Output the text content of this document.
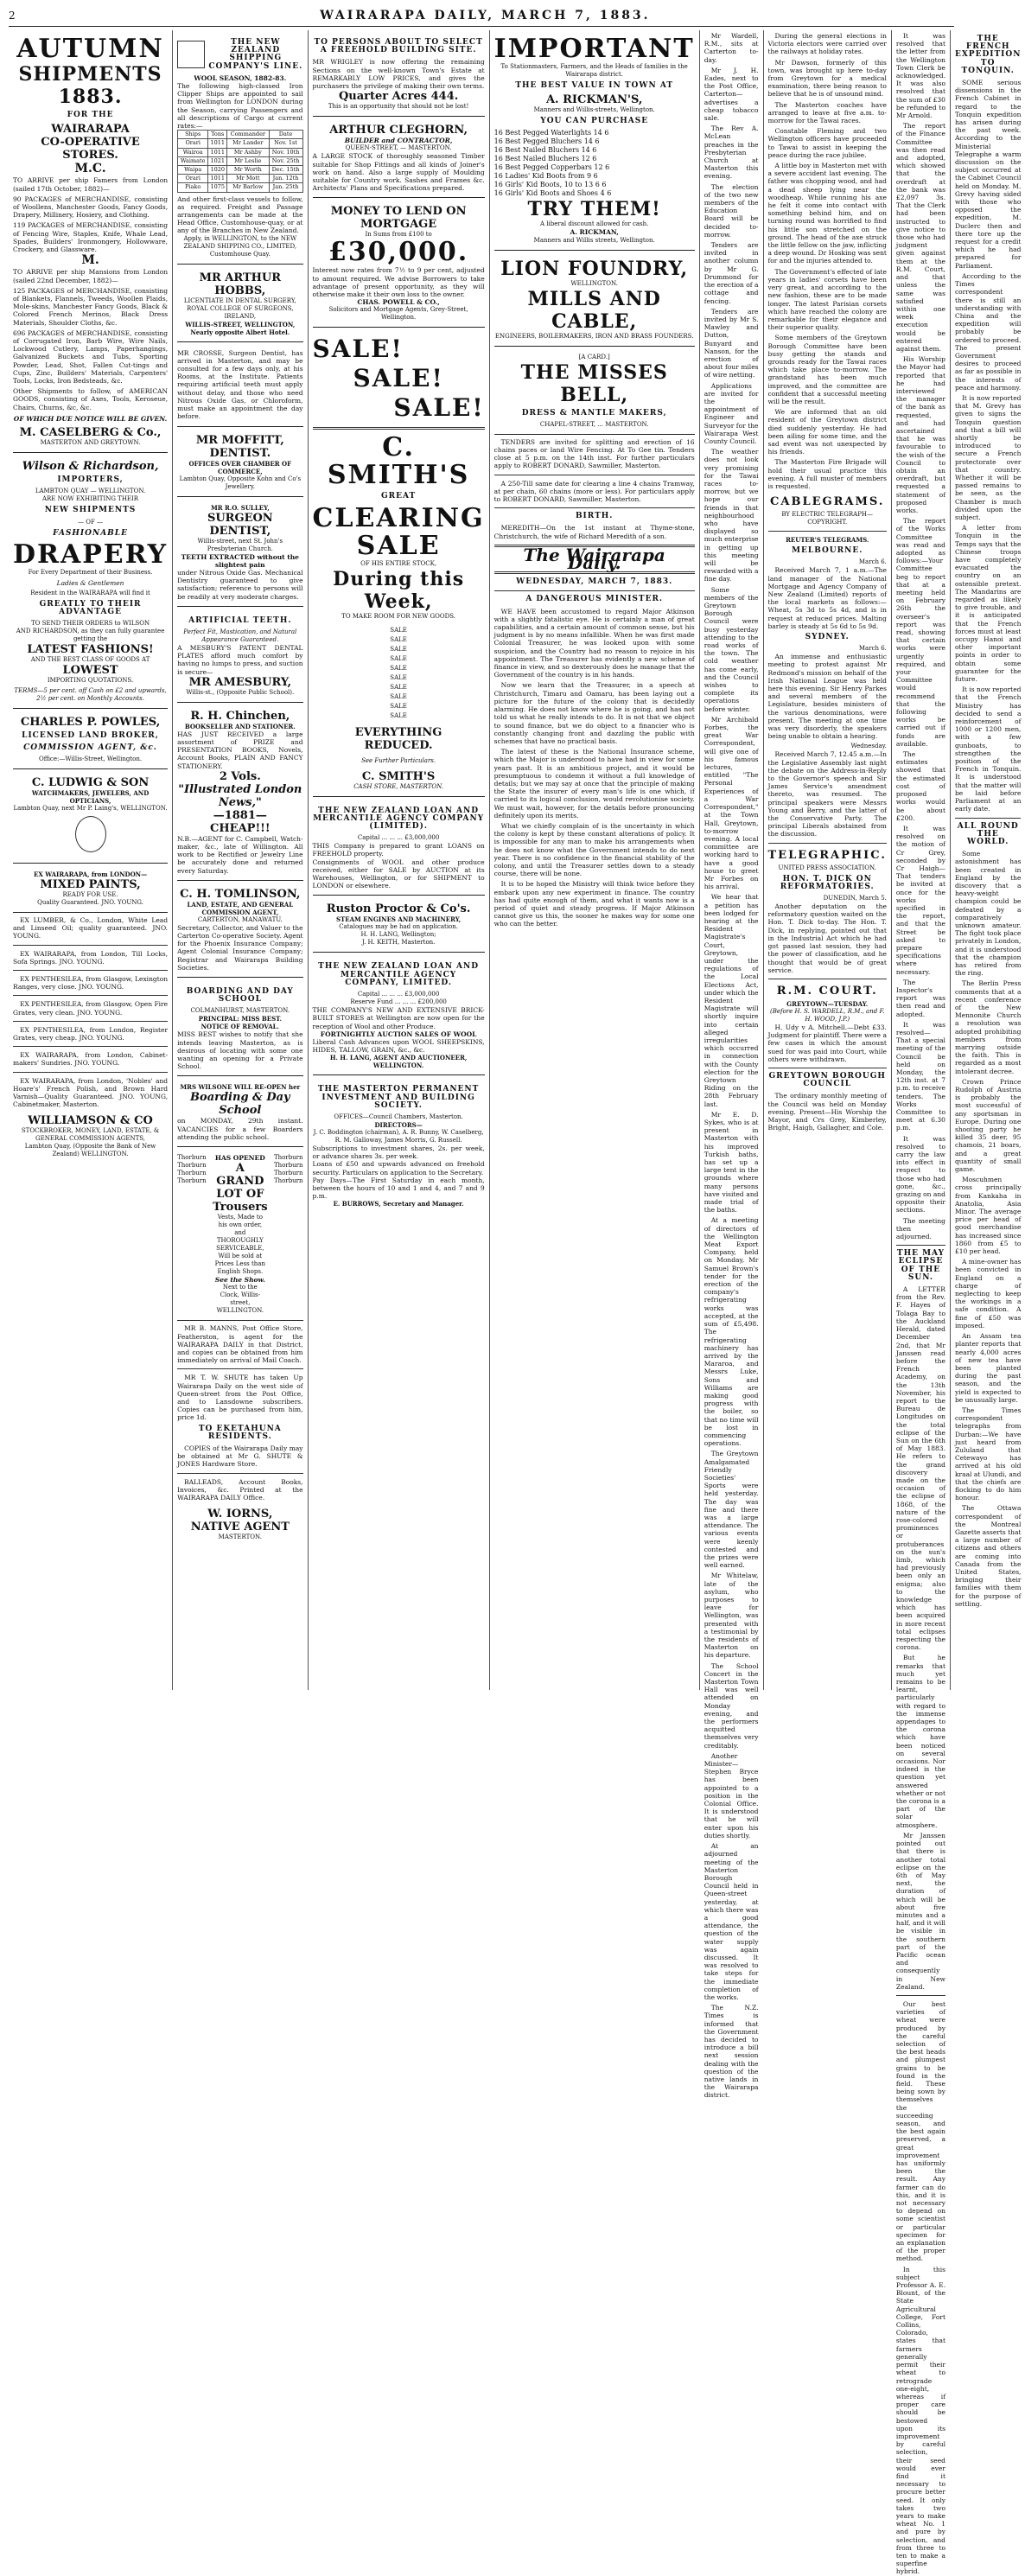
2	WAIRARAPA DAILY, MARCH 7, 1883.
AUTUMN
SHIPMENTS
1883.
FOR THE
WAIRARAPA
CO-OPERATIVE
STORES.
M.C.
TO ARRIVE per ship Famers from London (sailed 17th October, 1882)—
90 PACKAGES of MERCHANDISE, consisting of Woollens, Manchester Goods, Fancy Goods, Drapery, Millinery, Hosiery, and Clothing.
119 PACKAGES of MERCHANDISE, consisting of Fencing Wire, Staples, Knife, Whale Lead, Spades, Builders' Ironmongery, Hollowware, Crockery, and Glassware.
M.
TO ARRIVE per ship Mansions from London (sailed 22nd December, 1882)—
125 PACKAGES of MERCHANDISE, consisting of Blankets, Flannels, Tweeds, Woollen Plaids, Mole-skins, Manchester Fancy Goods, Black & Colored French Merinos, Black Dress Materials, Shoulder Cloths, &c.
696 PACKAGES of MERCHANDISE, consisting of Corrugated Iron, Barb Wire, Wire Nails, Lockwood Cutlery, Lamps, Paperhangings, Galvanized Buckets and Tubs, Sporting Powder, Lead, Shot, Fallen Cut-tings and Cups, Zinc, Builders' Materials, Carpenters' Tools, Locks, Iron Bedsteads, &c.
Other Shipments to follow, of AMERICAN GOODS, consisting of Axes, Tools, Keroseue, Chairs, Churns, &c, &c.
OF WHICH DUE NOTICE WILL BE GIVEN.
M. CASELBERG & Co.,
MASTERTON AND GREYTOWN.
Wilson & Richardson,
IMPORTERS,
LAMBTON QUAY — WELLINGTON.
ARE NOW EXHIBITING THEIR
NEW SHIPMENTS
— OF —
FASHIONABLE
DRAPERY
For Every Department of their Business.
Ladies & Gentlemen
Resident in the WAIRARAPA will find it
GREATLY TO THEIR ADVANTAGE
TO SEND THEIR ORDERS to WILSON
AND RICHARDSON, as they can fully guarantee
getting the
LATEST FASHIONS!
AND THE BEST CLASS OF GOODS AT
LOWEST
IMPORTING QUOTATIONS.
TERMS—5 per cent. off Cash on £2 and upwards, 2½ per cent. on Monthly Accounts.
CHARLES P. POWLES,
LICENSED LAND BROKER,
COMMISSION AGENT, &c.
Office:—Willis-Street, Wellington.
C. LUDWIG & SON
WATCHMAKERS, JEWELERS, AND OPTICIANS,
Lambton Quay, next Mr P. Laing's, WELLINGTON.
EX WAIRARAPA, from LONDON—
MIXED PAINTS,
READY FOR USE.
Quality Guaranteed. JNO. YOUNG.

EX LUMBER, & Co., London, White Lead and Linseed Oil; quality guaranteed. JNO. YOUNG.

EX WAIRARAPA, from London, Till Locks, Sofa Springs. JNO. YOUNG.

EX PENTHESILEA, from Glasgow, Lexington Ranges, very close. JNO. YOUNG.

EX PENTHESILEA, from Glasgow, Open Fire Grates, very clean. JNO. YOUNG.

EX PENTHESILEA, from London, Register Grates, very cheap. JNO. YOUNG.

EX WAIRARAPA, from London, Cabinet-makers' Sundries. JNO. YOUNG.

EX WAIRARAPA, from London, 'Nobles' and Hoare's' French Polish, and Brown Hard Varnish—Quality Guaranteed. JNO. YOUNG, Cabinetmaker, Masterton.

WILLIAMSON & CO
STOCKBROKER, MONEY, LAND, ESTATE, & GENERAL COMMISSION AGENTS,
Lambton Quay, (Opposite the Bank of New Zealand) WELLINGTON.
THE NEW ZEALAND SHIPPING COMPANY'S LINE.
WOOL SEASON, 1882-83.
The following high-classed Iron Clipper Ships are appointed to sail from Wellington for LONDON during the Season, carrying Passengers and all descriptions of Cargo at current rates:—
Ships	Tons	Commander	Date
Orari	1011	Mr Lander	Nov. 1st
Wairoa	1011	Mr Ashby	Nov. 10th
Waimate	1021	Mr Leslie	Nov. 25th
Waipa	1020	Mr Worth	Dec. 15th
Orari	1011	Mr Mott	Jan. 12th
Piako	1075	Mr Barlow	Jan. 25th
And other first-class vessels to follow, as required. Freight and Passage arrangements can be made at the Head Office, Customhouse-quay, or at any of the Branches in New Zealand.
Apply, in WELLINGTON, to the NEW ZEALAND SHIPPING CO., LIMITED, Customhouse Quay.
MR ARTHUR HOBBS,
LICENTIATE IN DENTAL SURGERY, ROYAL COLLEGE OF SURGEONS, IRELAND,
WILLIS-STREET, WELLINGTON, Nearly opposite Albert Hotel.
MR CROSSE, Surgeon Dentist, has arrived in Masterton, and may be consulted for a few days only, at his Rooms, at the Institute. Patients requiring artificial teeth must apply without delay, and those who need Nitrous Oxide Gas, or Chloroform, must make an appointment the day before.
MR MOFFITT, DENTIST.
OFFICES OVER CHAMBER OF COMMERCE,
Lambton Quay, Opposite Kohn and Co's Jewellery.
MR R.O. SULLEY,
SURGEON DENTIST,
Willis-street, next St. John's Presbyterian Church.
TEETH EXTRACTED without the slightest pain
under Nitrous Oxide Gas. Mechanical Dentistry guaranteed to give satisfaction; reference to persons will be readily at very moderate charges.
ARTIFICIAL TEETH.
Perfect Fit, Mastication, and Natural Appearance Guaranteed.
A MESBURY'S PATENT DENTAL PLATES afford much comfort by having no lumps to press, and suction is secure—
MR AMESBURY,
Willis-st., (Opposite Public School).
R. H. Chinchen,
BOOKSELLER AND STATIONER.
HAS JUST RECEIVED a large assortment of PRIZE and PRESENTATION BOOKS, Novels, Account Books, PLAIN AND FANCY STATIONERY.
2 Vols.
"Illustrated London News,"
—1881—
CHEAP!!!
N.B.—AGENT for C. Campbell, Watch-maker, &c., late of Willington. All work to be Rectified or Jewelry Line be accurately done and returned every Saturday.
C. H. TOMLINSON,
LAND, ESTATE, AND GENERAL COMMISSION AGENT,
CARTERTON, MANAWATU.
Secretary, Collector, and Valuer to the Carterton Co-operative Society. Agent for the Phoenix Insurance Company; Agent Colonial Insurance Company; Registrar and Wairarapa Building Societies.
BOARDING AND DAY SCHOOL
COLMANHURST, MASTERTON.
PRINCIPAL: MISS BEST.
NOTICE OF REMOVAL.
MISS BEST wishes to notify that she intends leaving Masterton, as is desirous of locating with some one wanting an opening for a Private School.
MRS WILSONE WILL RE-OPEN her
Boarding & Day School
on MONDAY, 29th instant. VACANCIES for a few Boarders attending the public school.
Thorburn
Thorburn
Thorburn
Thorburn
HAS OPENED
A GRAND LOT OF Trousers
Vests, Made to his own order, and THOROUGHLY SERVICEABLE, Will be sold at Prices Less than English Shops.
See the Show.
Next to the Clock, Willis-street, WELLINGTON.
Thorburn
Thorburn
Thorburn
Thorburn

MR B. MANNS, Post Office Store, Featherston, is agent for the WAIRARAPA DAILY in that District, and copies can be obtained from him immediately on arrival of Mail Coach.

MR T. W. SHUTE has taken Up Wairarapa Daily on the west side of Queen-street from the Post Office, and to Lansdowne subscribers. Copies can be purchased from him, price 1d.

TO EKETAHUNA RESIDENTS.

COPIES of the Wairarapa Daily may be obtained at Mr G. SHUTE & JONES Hardware Store.

BALLEADS, Account Books, Invoices, &c. Printed at the WAIRARAPA DAILY Office.

W. IORNS,
NATIVE AGENT
MASTERTON.
TO PERSONS ABOUT TO SELECT A FREEHOLD BUILDING SITE.
MR WRIGLEY is now offering the remaining Sections on the well-known Town's Estate at REMARKABLY LOW PRICES, and gives the purchasers the privilege of making their own terms.
Quarter Acres 444.
This is an opportunity that should not be lost!
ARTHUR CLEGHORN,
BUILDER and CONTRACTOR,
QUEEN-STREET, — MASTERTON.
A LARGE STOCK of thoroughly seasoned Timber suitable for Shop Fittings and all kinds of Joiner's work on hand. Also a large supply of Moulding suitable for Country work. Sashes and Frames &c. Architects' Plans and Specifications prepared.
MONEY TO LEND ON MORTGAGE
In Sums from £100 to
£30,000.
Interest now rates from 7½ to 9 per cent, adjusted to amount required. We advise Borrowers to take advantage of present opportunity, as they will otherwise make it their own loss to the owner.
CHAS. POWELL & CO.,
Solicitors and Mortgage Agents, Grey-Street, Wellington.
SALE!
SALE!
SALE!
C. SMITH'S
GREAT
CLEARING
SALE
OF HIS ENTIRE STOCK,
During this Week,
TO MAKE ROOM FOR NEW GOODS.
SALE
SALE
SALE
SALE
SALE
SALE
SALE
SALE
SALE
SALE
EVERYTHING
REDUCED.
See Further Particulars.
C. SMITH'S
CASH STORE, MASTERTON.
THE NEW ZEALAND LOAN AND MERCANTILE AGENCY COMPANY (LIMITED).
Capital ... ... ... £3,000,000
THIS Company is prepared to grant LOANS on FREEHOLD property.
Consignments of WOOL and other produce received, either for SALE by AUCTION at its Warehouses, Wellington, or for SHIPMENT to LONDON or elsewhere.
Ruston Proctor & Co's.
STEAM ENGINES AND MACHINERY,
Catalogues may be had on application.
H. H. LANG, Wellington;
J. H. KEITH, Masterton.
THE NEW ZEALAND LOAN AND MERCANTILE AGENCY COMPANY, LIMITED.
Capital ... ... ... £3,000,000
Reserve Fund ... ... ... £200,000
THE COMPANY'S NEW AND EXTENSIVE BRICK-BUILT STORES at Wellington are now open for the reception of Wool and other Produce.
FORTNIGHTLY AUCTION SALES OF WOOL
Liberal Cash Advances upon WOOL SHEEPSKINS, HIDES, TALLOW, GRAIN, &c., &c.
H. H. LANG, AGENT AND AUCTIONEER, WELLINGTON.
THE MASTERTON PERMANENT INVESTMENT AND BUILDING SOCIETY.
OFFICES—Council Chambers, Masterton.
DIRECTORS—
J. C. Boddington (chairman), A. R. Bunny, W. Caselberg, R. M. Galloway, James Morris, G. Russell.
Subscriptions to investment shares, 2s. per week, or advance shares 3s. per week.
Loans of £50 and upwards advanced on freehold security. Particulars on application to the Secretary.
Pay Days—The First Saturday in each month, between the hours of 10 and 1 and 4, and 7 and 9 p.m.
E. BURROWS, Secretary and Manager.
IMPORTANT
To Stationmasters, Farmers, and the Heads of families in the Wairarapa district.
THE BEST VALUE IN TOWN AT
A. RICKMAN'S,
Manners and Willis-streets, Wellington.
YOU CAN PURCHASE
16 Best Pegged Waterlights 14 6
16 Best Pegged Bluchers 14 6
16 Best Nailed Bluchers 14 6
16 Best Nailed Bluchers 12 6
16 Best Pegged Copperbars 12 6
16 Ladies' Kid Boots from 9 6
16 Girls' Kid Boots, 10 to 13 6 6
16 Girls' Kid Boots and Shoes 4 6
TRY THEM!
A liberal discount allowed for cash.
A. RICKMAN,
Manners and Willis streets, Wellington.
LION FOUNDRY,
WELLINGTON.
MILLS AND CABLE,
ENGINEERS, BOILERMAKERS, IRON AND BRASS FOUNDERS.
[A CARD.]
THE MISSES BELL,
DRESS & MANTLE MAKERS,
CHAPEL-STREET, ... MASTERTON.

TENDERS are invited for splitting and erection of 16 chains paces or land Wire Fencing. At To Gee tin. Tenders close at 5 p.m. on the 14th inst. For further particulars apply to ROBERT DONARD, Sawmiller, Masterton.

A 250-Till same date for clearing a line 4 chains Tramway, at per chain, 60 chains (more or less). For particulars apply to ROBERT DONARD, Sawmiller, Masterton.

BIRTH.

MEREDITH—On the 1st instant at Thyme-stone, Christchurch, the wife of Richard Meredith of a son.

The Wairarapa Daily.
WEDNESDAY, MARCH 7, 1883.
A DANGEROUS MINISTER.

WE HAVE been accustomed to regard Major Atkinson with a slightly fatalistic eye. He is certainly a man of great capabilities, and a certain amount of common sense, but his judgment is by no means infallible. When he was first made Colonial Treasurer, he was looked upon with some suspicion, and the Country had no reason to rejoice in his appointment. The Treasurer has evidently a new scheme of finance in view, and so dexterously does he manage that the Government of the country is in his hands.

Now we learn that the Treasurer, in a speech at Christchurch, Timaru and Oamaru, has been laying out a picture for the future of the colony that is decidedly alarming. He does not know where he is going, and has not told us what he really intends to do. It is not that we object to sound finance, but we do object to a financier who is constantly changing front and dazzling the public with schemes that have no practical basis.

The latest of these is the National Insurance scheme, which the Major is understood to have had in view for some years past. It is an ambitious project, and it would be presumptuous to condemn it without a full knowledge of details; but we may say at once that the principle of making the State the insurer of every man's life is one which, if carried to its logical conclusion, would revolutionise society. We must wait, however, for the details before pronouncing definitely upon its merits.

What we chiefly complain of is the uncertainty in which the colony is kept by these constant alterations of policy. It is impossible for any man to make his arrangements when he does not know what the Government intends to do next year. There is no confidence in the financial stability of the colony, and until the Treasurer settles down to a steady course, there will be none.

It is to be hoped the Ministry will think twice before they embark upon any new experiment in finance. The country has had quite enough of them, and what it wants now is a period of quiet and steady progress. If Major Atkinson cannot give us this, the sooner he makes way for some one who can the better.

Mr Wardell, R.M., sits at Carterton to-day.

Mr J. H. Eades, next to the Post Office, Carterton—advertises a cheap tobacco sale.

The Rev A. McLean preaches in the Presbyterian Church at Masterton this evening.

The election of the two new members of the Education Board will be decided to-morrow.

Tenders are invited in another column by Mr G. Drummond for the erection of a cottage and fencing.

Tenders are invited by Mr S. Mawley and Dutton, Bunyard and Nanson, for the erection of about four miles of wire netting.

Applications are invited for the appointment of Engineer and Surveyor for the Wairarapa West County Council.

The weather does not look very promising for the Tawai races to-morrow, but we hope our friends in that neighbourhood who have displayed so much enterprise in getting up this meeting will be rewarded with a fine day.

Some members of the Greytown Borough Council were busy yesterday attending to the road works of the town. The cold weather has come early, and the Council wishes to complete its operations before winter.

Mr Archibald Forbes, the great War Correspondent, will give one of his famous lectures, entitled "The Personal Experiences of a War Correspondent," at the Town Hall, Greytown, to-morrow evening. A local committee are working hard to have a good house to greet Mr Forbes on his arrival.

We hear that a petition has been lodged for hearing at the Resident Magistrate's Court, Greytown, under the regulations of the Local Elections Act, under which the Resident Magistrate will shortly inquire into certain alleged irregularities which occurred in connection with the County election for the Greytown Riding on the 28th February last.

Mr E. D. Sykes, who is at present in Masterton with his improved Turkish baths, has set up a large tent in the grounds where many persons have visited and made trial of the baths.

At a meeting of directors of the Wellington Meat Export Company, held on Monday, Mr Samuel Brown's tender for the erection of the company's refrigerating works was accepted, at the sum of £5,498. The refrigerating machinery has arrived by the Mararoa, and Messrs Luke, Sons and Williams are making good progress with the boiler, so that no time will be lost in commencing operations.

The Greytown Amalgamated Friendly Societies' Sports were held yesterday. The day was fine and there was a large attendance. The various events were keenly contested and the prizes were well earned.

Mr Whitelaw, late of the asylum, who purposes to leave for Wellington, was presented with a testimonial by the residents of Masterton on his departure.

The School Concert in the Masterton Town Hall was well attended on Monday evening, and the performers acquitted themselves very creditably.

Another Minister—Stephen Bryce has been appointed to a position in the Colonial Office. It is understood that he will enter upon his duties shortly.

At an adjourned meeting of the Masterton Borough Council held in Queen-street yesterday, at which there was a good attendance, the question of the water supply was again discussed. It was resolved to take steps for the immediate completion of the works.

The N.Z. Times is informed that the Government has decided to introduce a bill next session dealing with the question of the native lands in the Wairarapa district.

During the general elections in Victoria electors were carried over the railways at holiday rates.

Mr Dawson, formerly of this town, was brought up here to-day from Greytown for a medical examination, there being reason to believe that he is of unsound mind.

The Masterton coaches have arranged to leave at five a.m. to-morrow for the Tawai races.

Constable Fleming and two Wellington officers have proceeded to Tawai to assist in keeping the peace during the race jubilee.

A little boy in Masterton met with a severe accident last evening. The father was chopping wood, and had a dead sheep lying near the woodheap. While running his axe he felt it come into contact with something behind him, and on turning round was horrified to find his little son stretched on the ground. The head of the axe struck the little fellow on the jaw, inflicting a deep wound. Dr Hosking was sent for and the injuries attended to.

The Government's effected of late years in ladies' corsets have been very great, and according to the new fashion, these are to be made longer. The latest Parisian corsets which have reached the colony are remarkable for their elegance and their superior quality.

Some members of the Greytown Borough Committee have been busy getting the stands and grounds ready for the Tawai races which take place to-morrow. The grandstand has been much improved, and the committee are confident that a successful meeting will be the result.

We are informed that an old resident of the Greytown district died suddenly yesterday. He had been ailing for some time, and the sad event was not unexpected by his friends.

The Masterton Fire Brigade will hold their usual practice this evening. A full muster of members is requested.

CABLEGRAMS.
BY ELECTRIC TELEGRAPH—COPYRIGHT.
REUTER'S TELEGRAMS.
MELBOURNE.
March 6.

Received March 7, 1 a.m.—The land manager of the National Mortgage and Agency Company of New Zealand (Limited) reports of the local markets as follows:—Wheat, 5s 3d to 5s 4d, and is in request at reduced prices. Malting barley is steady at 5s 6d to 5s 9d.

SYDNEY.
March 6.

An immense and enthusiastic meeting to protest against Mr Redmond's mission on behalf of the Irish National League was held here this evening. Sir Henry Parkes and several members of the Legislature, besides ministers of the various denominations, were present. The meeting at one time was very disorderly, the speakers being unable to obtain a hearing.

Wednesday.

Received March 7, 12.45 a.m.—In the Legislative Assembly last night the debate on the Address-in-Reply to the Governor's speech and Sir James Service's amendment thereto, was resumed. The principal speakers were Messrs Young and Berry, and the latter of the Conservative Party. The principal Liberals abstained from the discussion.

TELEGRAPHIC.
UNITED PRESS ASSOCIATION.
HON. T. DICK ON REFORMATORIES.
DUNEDIN, March 5.

Another deputation on the reformatory question waited on the Hon. T. Dick to-day. The Hon. T. Dick, in replying, pointed out that in the Industrial Act which he had got passed last session, they had the power of classification, and he thought that would be of great service.

R.M. COURT.
GREYTOWN—TUESDAY.
(Before H. S. WARDELL, R.M., and F. H. WOOD, J.P.)

H. Udy v A. Mitchell.—Debt £33. Judgment for plaintiff. There were a few cases in which the amount sued for was paid into Court, while others were withdrawn.

GREYTOWN BOROUGH COUNCIL

The ordinary monthly meeting of the Council was held on Monday evening. Present—His Worship the Mayor, and Crs Grey, Kimberley, Bright, Haigh, Gallagher, and Cole.

It was resolved that the letter from the Wellington Town Clerk be acknowledged. It was also resolved that the sum of £30 be refunded to Mr Arnold.

The report of the Finance Committee was then read and adopted, which showed that the overdraft at the bank was £2,097 3s. That the Clerk had been instructed to give notice to those who had judgment given against them at the R.M. Court, and that unless the same was satisfied within one week execution would be entered against them.

His Worship the Mayor had reported that he had interviewed the manager of the bank as requested, and had ascertained that he was favourable to the wish of the Council to obtain an overdraft, but requested a statement of proposed works.

The report of the Works Committee was read and adopted as follows:—Your Committee beg to report that at a meeting held on February 26th the overseer's report was read, showing that certain works were urgently required, and your Committee would recommend that the following works be carried out if funds are available.

The estimates showed that the estimated cost of proposed works would be about £200.

It was resolved on the motion of Cr Grey, seconded by Cr Haigh—That tenders be invited at once for the works specified in the report, and that the Street be asked to prepare specifications where necessary.

The Inspector's report was then read and adopted.

It was resolved—That a special meeting of the Council be held on Monday, the 12th inst. at 7 p.m. to receive tenders. The Works Committee to meet at 6.30 p.m.

It was resolved to carry the law into effect in respect to those who had gone, &c., grazing on and opposite their sections.

The meeting then adjourned.

THE MAY ECLIPSE OF THE SUN.

A LETTER from the Rev. F. Hayes of Tolaga Bay to the Auckland Herald, dated December 2nd, that Mr Janssen read before the French Academy, on the 13th November, his report to the Bureau de Longitudes on the total eclipse of the Sun on the 6th of May 1883. He refers to the grand discovery made on the occasion of the eclipse of 1868, of the nature of the rose-colored prominences or protuberances on the sun's limb, which had previously been only an enigma; also to the knowledge which has been acquired in more recent total eclipses respecting the corona.

But he remarks that much yet remains to be learnt, particularly with regard to the immense appendages to the corona which have been noticed on several occasions. Nor indeed is the question yet answered whether or not the corona is a part of the solar atmosphere.

Mr Janssen pointed out that there is another total eclipse on the 6th of May next, the duration of which will be about five minutes and a half, and it will be visible in the southern part of the Pacific ocean and consequently in New Zealand.

Our best varieties of wheat were produced by the careful selection of the best heads and plumpest grains to be found in the field. These being sown by themselves the succeeding season, and the best again preserved, a great improvement has uniformly been the result. Any farmer can do this, and it is not necessary to depend on some scientist or particular specimen for an explanation of the proper method.

In this subject Professor A. E. Blount, of the State Agricultural College, Fort Collins, Colorado, states that farmers generally permit their wheat to retrograde one-eight, whereas if proper care should be bestowed upon its improvement by careful selection, their seed would ever find it necessary to procure better seed. It only takes two years to make wheat No. 1 and pure by selection, and from three to ten to make a superfine hybrid.

THE FRENCH EXPEDITION TO TONQUIN.

SOME serious dissensions in the French Cabinet in regard to the Tonquin expedition has arisen during the past week. According to the Ministerial Telegraphe a warm discussion on the subject occurred at the Cabinet Council held on Monday. M. Grevy having sided with those who opposed the expedition, M. Duclerc then and there tore up the request for a credit which he had prepared for Parliament.

According to the Times correspondent there is still an understanding with China and the expedition will probably be ordered to proceed. The present Government desires to proceed as far as possible in the interests of peace and harmony.

It is now reported that M. Grevy has given to signs the Tonquin question and that a bill will shortly be introduced to secure a French protectorate over that country. Whether it will be passed remains to be seen, as the Chamber is much divided upon the subject.

A letter from Tonquin in the Temps says that the Chinese troops have completely evacuated the country on an ostensible pretext. The Mandarins are regarded as likely to give trouble, and it is anticipated that the French forces must at least occupy Hanoi and other important points in order to obtain some guarantee for the future.

It is now reported that the French Ministry has decided to send a reinforcement of 1000 or 1200 men, with a few gunboats, to strengthen the position of the French in Tonquin. It is understood that the matter will be laid before Parliament at an early date.

ALL ROUND THE WORLD.

Some astonishment has been created in England by the discovery that a heavy-weight champion could be defeated by a comparatively unknown amateur. The fight took place privately in London, and it is understood that the champion has retired from the ring.

The Berlin Press comments that at a recent conference of the New Mennonite Church a resolution was adopted prohibiting members from marrying outside the faith. This is regarded as a most intolerant decree.

Crown Prince Rudolph of Austria is probably the most successful of any sportsman in Europe. During one shooting party he killed 35 deer, 95 chamois, 21 boars, and a great quantity of small game.

Moscuhmen cross principally from Kankaha in Anatolia, Asia Minor. The average price per head of good merchandise has increased since 1860 from £5 to £10 per head.

A mine-owner has been convicted in England on a charge of neglecting to keep the workings in a safe condition. A fine of £50 was imposed.

An Assam tea planter reports that nearly 4,000 acres of new tea have been planted during the past season, and the yield is expected to be unusually large.

The Times correspondent telegraphs from Durban:—We have just heard from Zululand that Cetewayo has arrived at his old kraal at Ulundi, and that the chiefs are flocking to do him honour.

The Ottawa correspondent of the Montreal Gazette asserts that a large number of citizens and others are coming into Canada from the United States, bringing their families with them for the purpose of settling.
